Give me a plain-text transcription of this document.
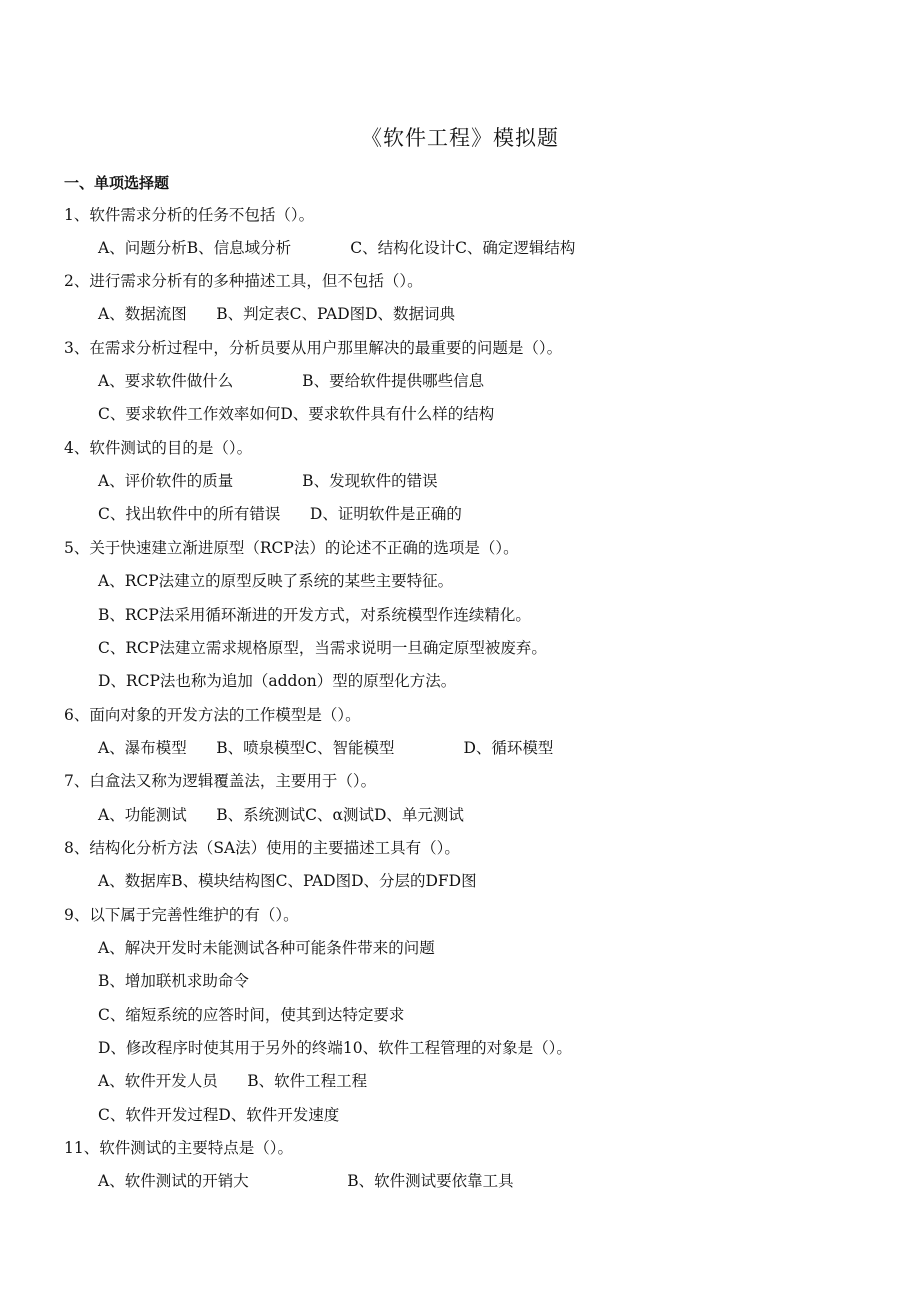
《软件工程》模拟题
一、单项选择题
1、软件需求分析的任务不包括（）。
A、问题分析B、信息域分析            C、结构化设计C、确定逻辑结构
2、进行需求分析有的多种描述工具，但不包括（）。
A、数据流图      B、判定表C、PAD图D、数据词典
3、在需求分析过程中，分析员要从用户那里解决的最重要的问题是（）。
A、要求软件做什么              B、要给软件提供哪些信息
C、要求软件工作效率如何D、要求软件具有什么样的结构
4、软件测试的目的是（）。
A、评价软件的质量              B、发现软件的错误
C、找出软件中的所有错误      D、证明软件是正确的
5、关于快速建立渐进原型（RCP法）的论述不正确的选项是（）。
A、RCP法建立的原型反映了系统的某些主要特征。
B、RCP法采用循环渐进的开发方式，对系统模型作连续精化。
C、RCP法建立需求规格原型，当需求说明一旦确定原型被废弃。
D、RCP法也称为追加（addon）型的原型化方法。
6、面向对象的开发方法的工作模型是（）。
A、瀑布模型      B、喷泉模型C、智能模型              D、循环模型
7、白盒法又称为逻辑覆盖法，主要用于（）。
A、功能测试      B、系统测试C、α测试D、单元测试
8、结构化分析方法（SA法）使用的主要描述工具有（）。
A、数据库B、模块结构图C、PAD图D、分层的DFD图
9、以下属于完善性维护的有（）。
A、解决开发时未能测试各种可能条件带来的问题
B、增加联机求助命令
C、缩短系统的应答时间，使其到达特定要求
D、修改程序时使其用于另外的终端10、软件工程管理的对象是（）。
A、软件开发人员      B、软件工程工程
C、软件开发过程D、软件开发速度
11、软件测试的主要特点是（）。
A、软件测试的开销大                    B、软件测试要依靠工具
